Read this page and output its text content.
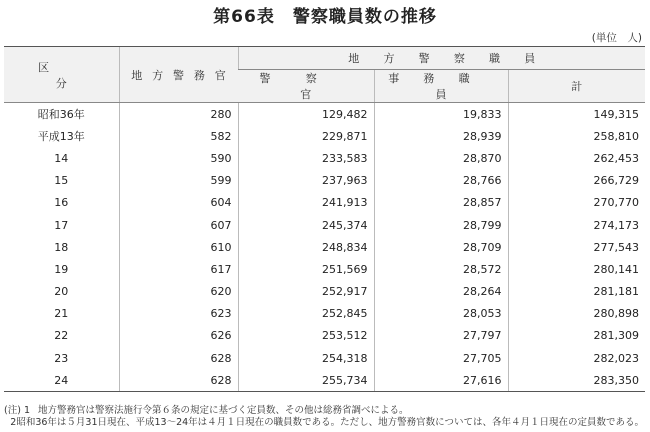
第66表　警察職員数の推移
(単位　人)
区　分	地方警務官	地方警察職員		
		警察官	事務職員	計
昭和36年	280	129,482	19,833	149,315
平成13年	582	229,871	28,939	258,810
14	590	233,583	28,870	262,453
15	599	237,963	28,766	266,729
16	604	241,913	28,857	270,770
17	607	245,374	28,799	274,173
18	610	248,834	28,709	277,543
19	617	251,569	28,572	280,141
20	620	252,917	28,264	281,181
21	623	252,845	28,053	280,898
22	626	253,512	27,797	281,309
23	628	254,318	27,705	282,023
24	628	255,734	27,616	283,350
(注) 1 地方警務官は警察法施行令第６条の規定に基づく定員数、その他は総務省調べによる。
2 昭和36年は５月31日現在、平成13～24年は４月１日現在の職員数である。ただし、地方警務官数については、各年４月１日現在の定員数である。
